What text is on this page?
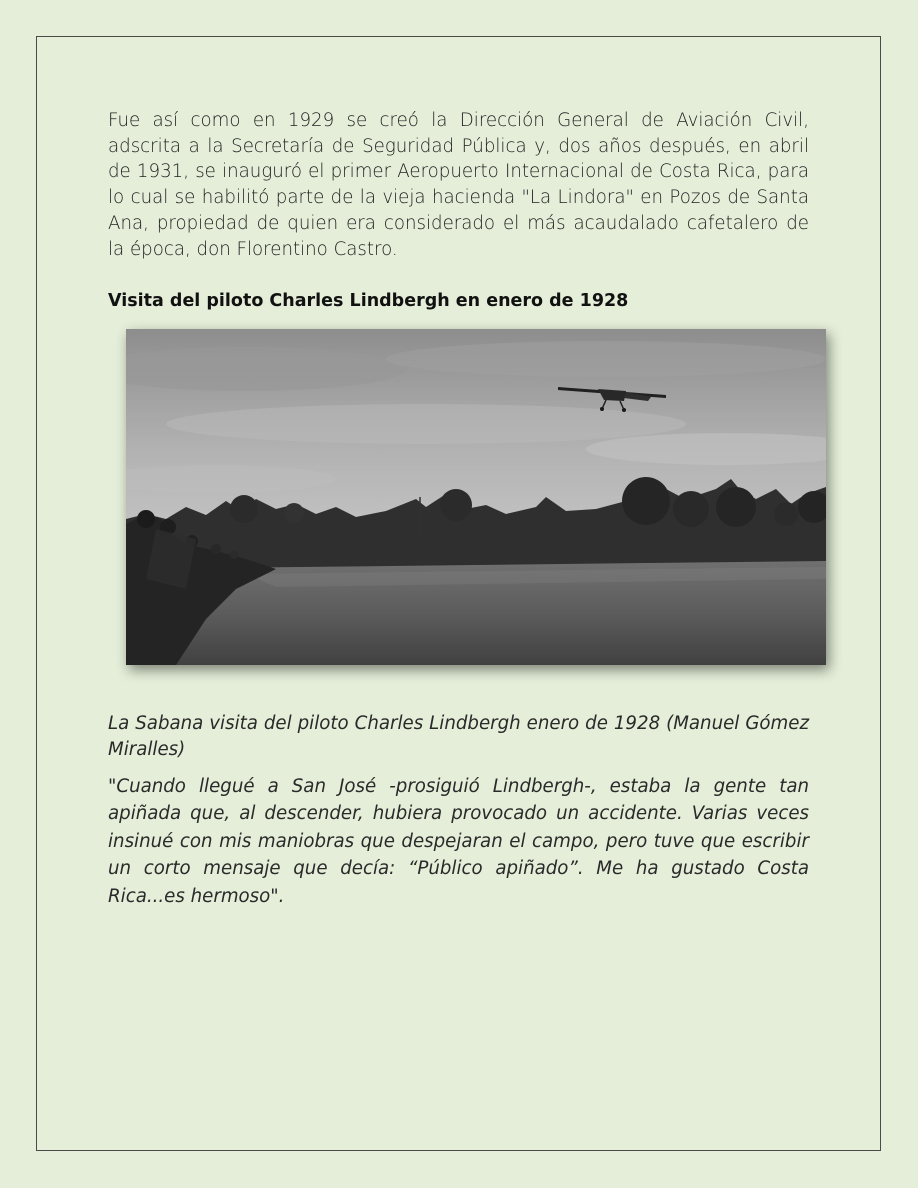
Fue así como en 1929 se creó la Dirección General de Aviación Civil, adscrita a la Secretaría de Seguridad Pública y, dos años después, en abril de 1931, se inauguró el primer Aeropuerto Internacional de Costa Rica, para lo cual se habilitó parte de la vieja hacienda "La Lindora" en Pozos de Santa Ana, propiedad de quien era considerado el más acaudalado cafetalero de la época, don Florentino Castro.

Visita del piloto Charles Lindbergh en enero de 1928

La Sabana visita del piloto Charles Lindbergh enero de 1928 (Manuel Gómez Miralles)

"Cuando llegué a San José -prosiguió Lindbergh-, estaba la gente tan apiñada que, al descender, hubiera provocado un accidente. Varias veces insinué con mis maniobras que despejaran el campo, pero tuve que escribir un corto mensaje que decía: “Público apiñado”. Me ha gustado Costa Rica...es hermoso".
